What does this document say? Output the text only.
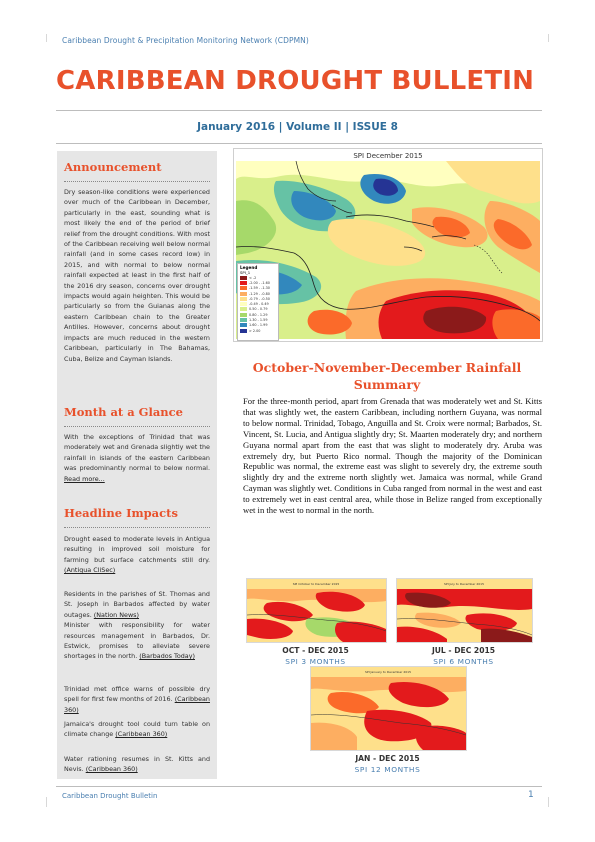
Caribbean Drought & Precipitation Monitoring Network (CDPMN)
CARIBBEAN DROUGHT BULLETIN
January 2016 | Volume II | ISSUE 8
Announcement
Dry season-like conditions were experienced over much of the Caribbean in December, particularly in the east, sounding what is most likely the end of the period of brief relief from the drought conditions. With most of the Caribbean receiving well below normal rainfall (and in some cases record low) in 2015, and with normal to below normal rainfall expected at least in the first half of the 2016 dry season, concerns over drought impacts would again heighten. This would be particularly so from the Guianas along the eastern Caribbean chain to the Greater Antilles. However, concerns about drought impacts are much reduced in the western Caribbean, particularly in The Bahamas, Cuba, Belize and Cayman Islands.
Month at a Glance
With the exceptions of Trinidad that was moderately wet and Grenada slightly wet the rainfall in islands of the eastern Caribbean was predominantly normal to below normal. Read more...
Headline Impacts
Drought eased to moderate levels in Antigua resulting in improved soil moisture for farming but surface catchments still dry. (Antigua CliSec)
Residents in the parishes of St. Thomas and St. Joseph in Barbados affected by water outages. (Nation News)
Minister with responsibility for water resources management in Barbados, Dr. Estwick, promises to alleviate severe shortages in the north. (Barbados Today)
Trinidad met office warns of possible dry spell for first few months of 2016. (Caribbean 360)
Jamaica's drought tool could turn table on climate change (Caribbean 360)
Water rationing resumes in St. Kitts and Nevis. (Caribbean 360)
SPI December 2015
Legend
SPI_1
< -2
-2.00 - -1.60
-1.59 - -1.30
-1.29 - -0.80
-0.79 - -0.50
-0.49 - 0.49
0.50 - 0.79
0.80 - 1.29
1.30 - 1.59
1.60 - 1.99
> 2.00
October-November-December Rainfall Summary
For the three-month period, apart from Grenada that was moderately wet and St. Kitts that was slightly wet, the eastern Caribbean, including northern Guyana, was normal to below normal. Trinidad, Tobago, Anguilla and St. Croix were normal; Barbados, St. Vincent, St. Lucia, and Antigua slightly dry; St. Maarten moderately dry; and northern Guyana normal apart from the east that was slight to moderately dry. Aruba was extremely dry, but Puerto Rico normal. Though the majority of the Dominican Republic was normal, the extreme east was slight to severely dry, the extreme south slightly dry and the extreme north slightly wet. Jamaica was normal, while Grand Cayman was slightly wet. Conditions in Cuba ranged from normal in the west and east to extremely wet in east central area, while those in Belize ranged from exceptionally wet in the west to normal in the north.
SPI October to December 2015
OCT - DEC 2015
SPI 3 MONTHS
SPI July to December 2015
JUL - DEC 2015
SPI 6 MONTHS
SPI January to December 2015
JAN - DEC 2015
SPI 12 MONTHS
Caribbean Drought Bulletin	1
